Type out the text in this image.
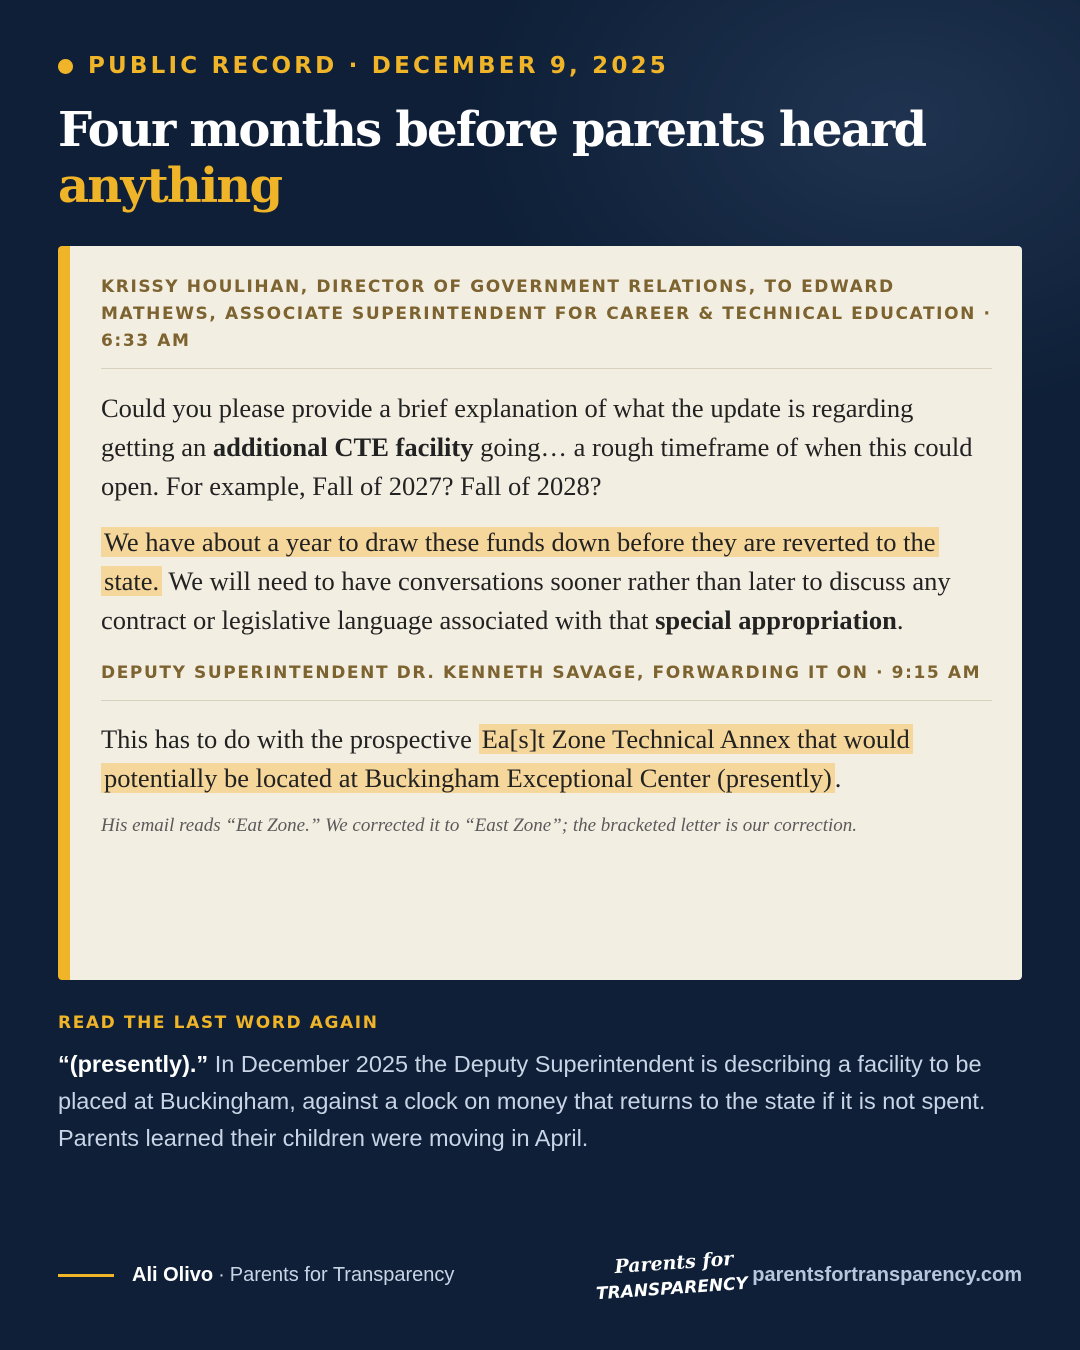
PUBLIC RECORD · DECEMBER 9, 2025
Four months before parents heard anything
KRISSY HOULIHAN, DIRECTOR OF GOVERNMENT RELATIONS, TO EDWARD MATHEWS, ASSOCIATE SUPERINTENDENT FOR CAREER & TECHNICAL EDUCATION · 6:33 AM

Could you please provide a brief explanation of what the update is regarding getting an additional CTE facility going… a rough timeframe of when this could open. For example, Fall of 2027? Fall of 2028?

We have about a year to draw these funds down before they are reverted to the state. We will need to have conversations sooner rather than later to discuss any contract or legislative language associated with that special appropriation.

DEPUTY SUPERINTENDENT DR. KENNETH SAVAGE, FORWARDING IT ON · 9:15 AM

This has to do with the prospective Ea[s]t Zone Technical Annex that would potentially be located at Buckingham Exceptional Center (presently) .

His email reads “Eat Zone.” We corrected it to “East Zone”; the bracketed letter is our correction.
READ THE LAST WORD AGAIN

“(presently).” In December 2025 the Deputy Superintendent is describing a facility to be placed at Buckingham, against a clock on money that returns to the state if it is not spent. Parents learned their children were moving in April.

Ali Olivo · Parents for Transparency	Parents for
TRANSPARENCY parentsfortransparency.com
